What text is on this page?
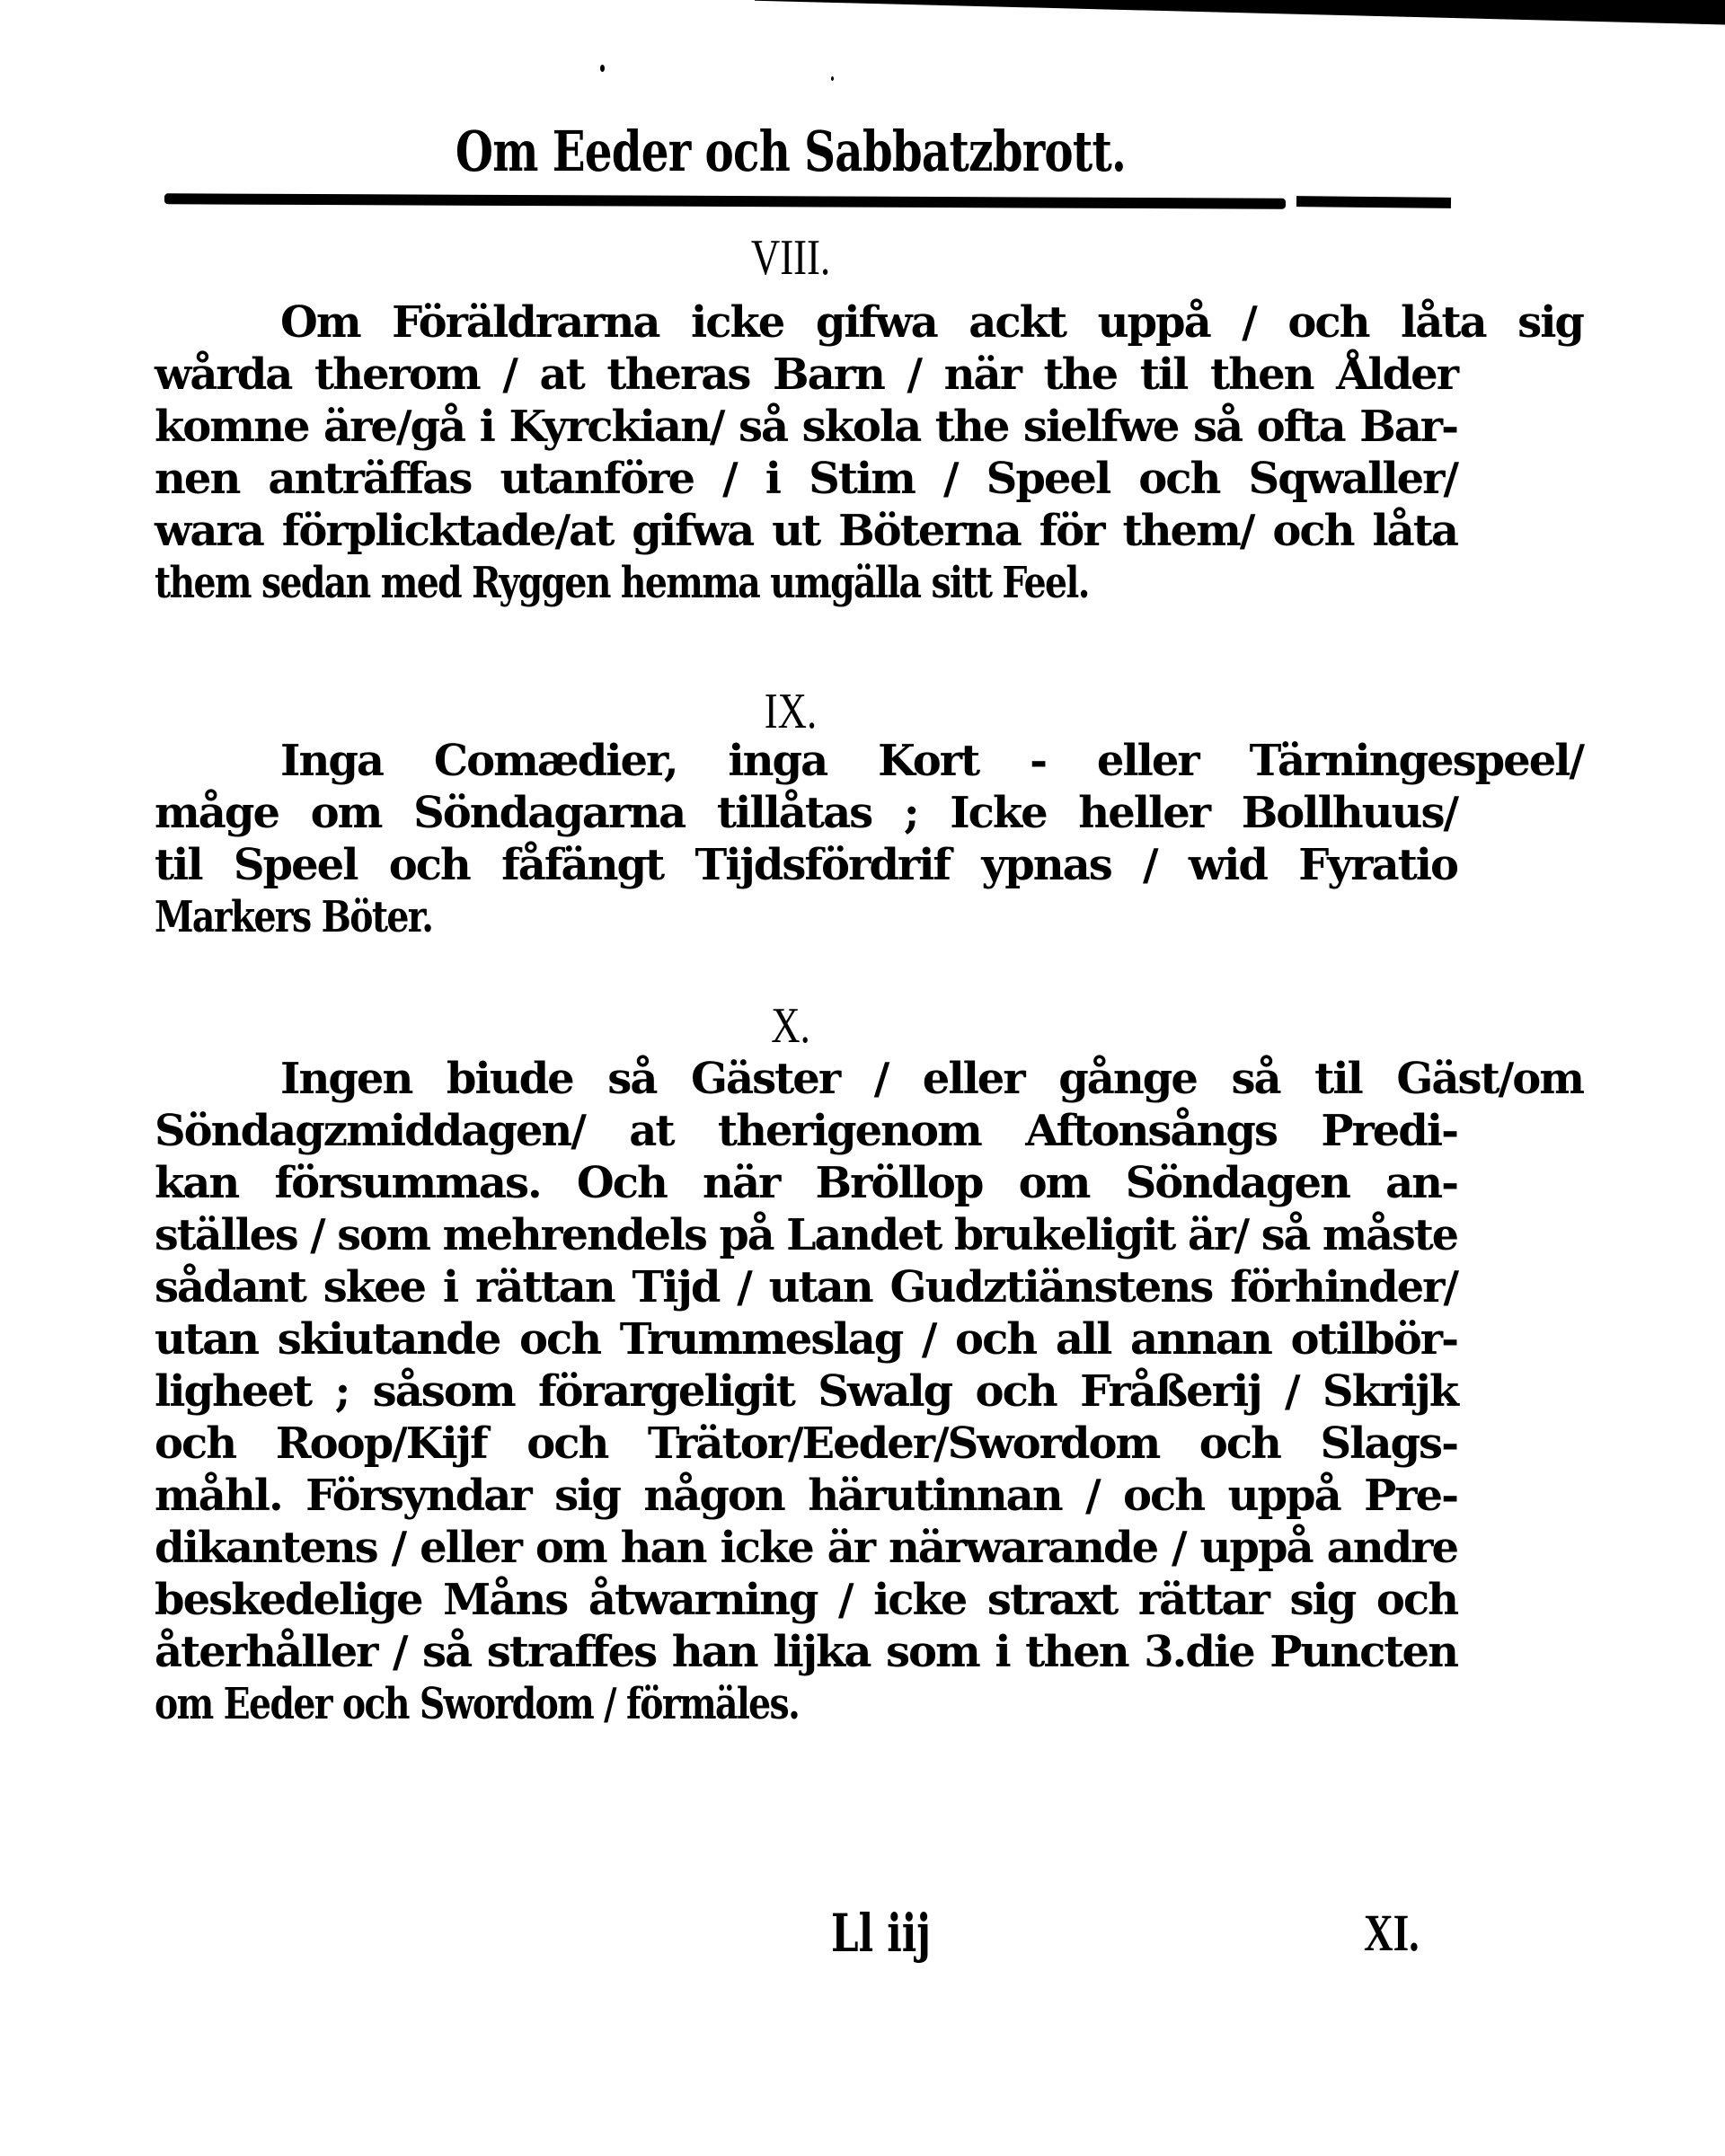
Om Eeder och Sabbatzbrott.
VIII.
Om Föräldrarna icke gifwa ackt uppå / och låta sig
wårda therom / at theras Barn / när the til then Ålder
komne äre/gå i Kyrckian/ så skola the sielfwe så ofta Bar-
nen anträffas utanföre / i Stim / Speel och Sqwaller/
wara förplicktade/at gifwa ut Böterna för them/ och låta
them sedan med Ryggen hemma umgälla sitt Feel.
IX.
Inga Comædier, inga Kort - eller Tärningespeel/
måge om Söndagarna tillåtas ; Icke heller Bollhuus/
til Speel och fåfängt Tijdsfördrif ypnas / wid Fyratio
Markers Böter.
X.
Ingen biude så Gäster / eller gånge så til Gäst/om
Söndagzmiddagen/ at therigenom Aftonsångs Predi-
kan försummas. Och när Bröllop om Söndagen an-
ställes / som mehrendels på Landet brukeligit är/ så måste
sådant skee i rättan Tijd / utan Gudztiänstens förhinder/
utan skiutande och Trummeslag / och all annan otilbör-
ligheet ; såsom förargeligit Swalg och Fråßerij / Skrijk
och Roop/Kijf och Trätor/Eeder/Swordom och Slags-
måhl. Försyndar sig någon härutinnan / och uppå Pre-
dikantens / eller om han icke är närwarande / uppå andre
beskedelige Måns åtwarning / icke straxt rättar sig och
återhåller / så straffes han lijka som i then 3.die Puncten
om Eeder och Swordom / förmäles.
Ll iij	XI.
